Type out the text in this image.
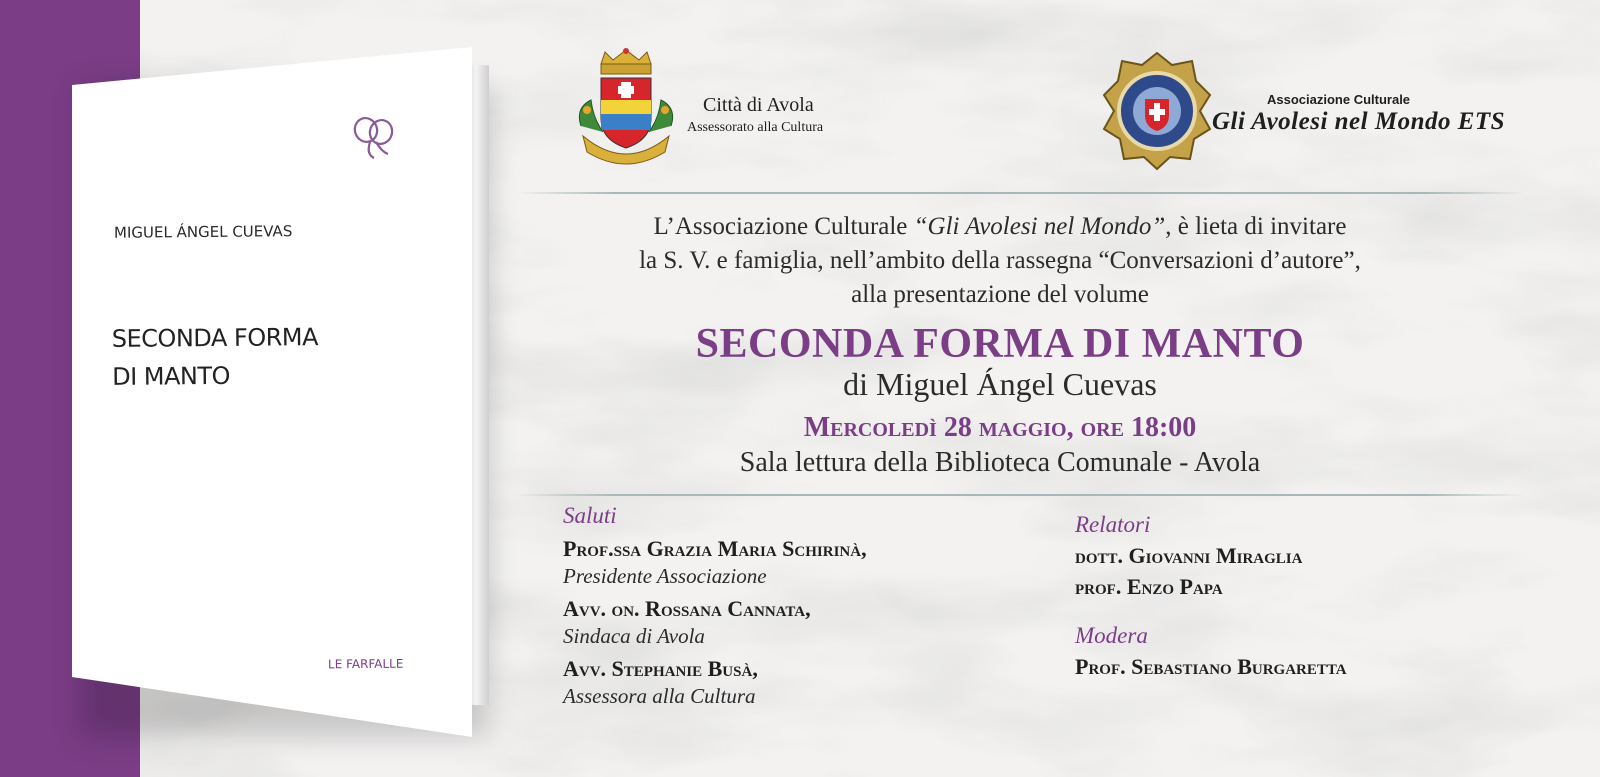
MIGUEL ÁNGEL CUEVAS
SECONDA FORMA
DI MANTO
LE FARFALLE
Città di Avola
Assessorato alla Cultura
Associazione Culturale
Gli Avolesi nel Mondo ETS
L’Associazione Culturale “Gli Avolesi nel Mondo”, è lieta di invitare
la S. V. e famiglia, nell’ambito della rassegna “Conversazioni d’autore”,
alla presentazione del volume
SECONDA FORMA DI MANTO
di Miguel Ángel Cuevas
Mercoledì 28 maggio, ore 18:00
Sala lettura della Biblioteca Comunale - Avola
Saluti
Prof.ssa Grazia Maria Schirinà,
Presidente Associazione
Avv. on. Rossana Cannata,
Sindaca di Avola
Avv. Stephanie Busà,
Assessora alla Cultura
Relatori
dott. Giovanni Miraglia
prof. Enzo Papa
Modera
Prof. Sebastiano Burgaretta
